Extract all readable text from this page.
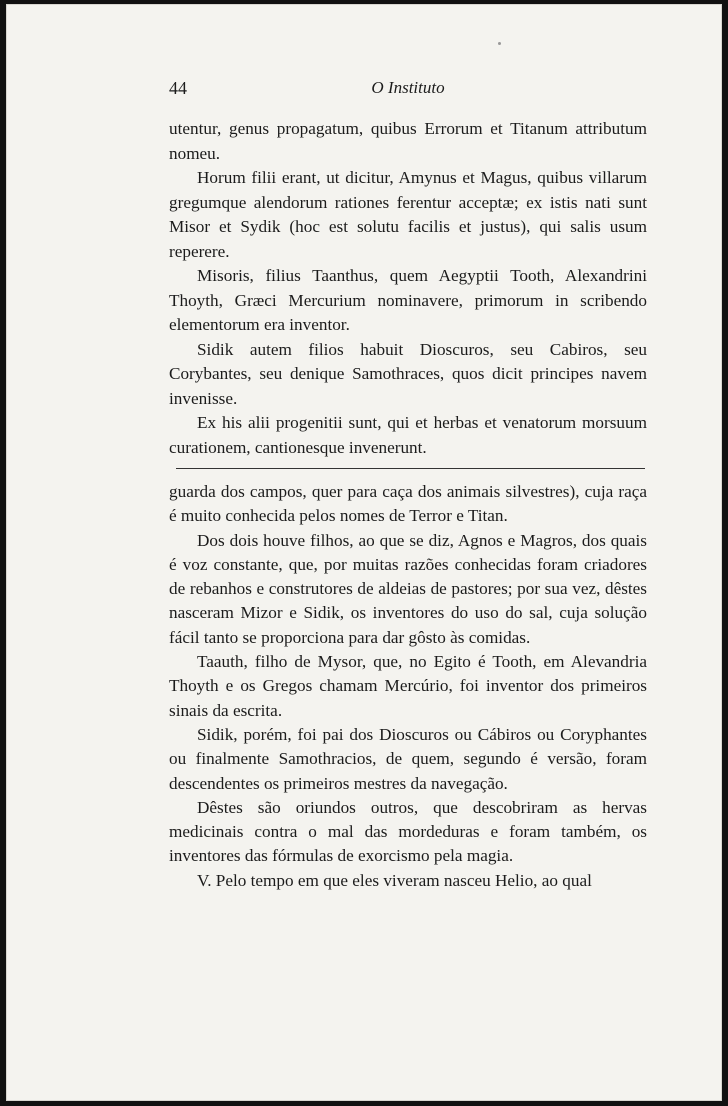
44	O Instituto

utentur, genus propagatum, quibus Errorum et Titanum attributum nomeu.

Horum filii erant, ut dicitur, Amynus et Magus, quibus villarum gregumque alendorum rationes ferentur acceptæ; ex istis nati sunt Misor et Sydik (hoc est solutu facilis et justus), qui salis usum reperere.

Misoris, filius Taanthus, quem Aegyptii Tooth, Alexandrini Thoyth, Græci Mercurium nominavere, primorum in scribendo elementorum era inventor.

Sidik autem filios habuit Dioscuros, seu Cabiros, seu Corybantes, seu denique Samothraces, quos dicit principes navem invenisse.

Ex his alii progenitii sunt, qui et herbas et venatorum morsuum curationem, cantionesque invenerunt.

guarda dos campos, quer para caça dos animais silvestres), cuja raça é muito conhecida pelos nomes de Terror e Titan.

Dos dois houve filhos, ao que se diz, Agnos e Magros, dos quais é voz constante, que, por muitas razões conhecidas foram criadores de rebanhos e construtores de aldeias de pastores; por sua vez, dêstes nasceram Mizor e Sidik, os inventores do uso do sal, cuja solução fácil tanto se proporciona para dar gôsto às comidas.

Taauth, filho de Mysor, que, no Egito é Tooth, em Alevandria Thoyth e os Gregos chamam Mercúrio, foi inventor dos primeiros sinais da escrita.

Sidik, porém, foi pai dos Dioscuros ou Cábiros ou Coryphantes ou finalmente Samothracios, de quem, segundo é versão, foram descendentes os primeiros mestres da navegação.

Dêstes são oriundos outros, que descobriram as hervas medicinais contra o mal das mordeduras e foram também, os inventores das fórmulas de exorcismo pela magia.

V. Pelo tempo em que eles viveram nasceu Helio, ao qual
